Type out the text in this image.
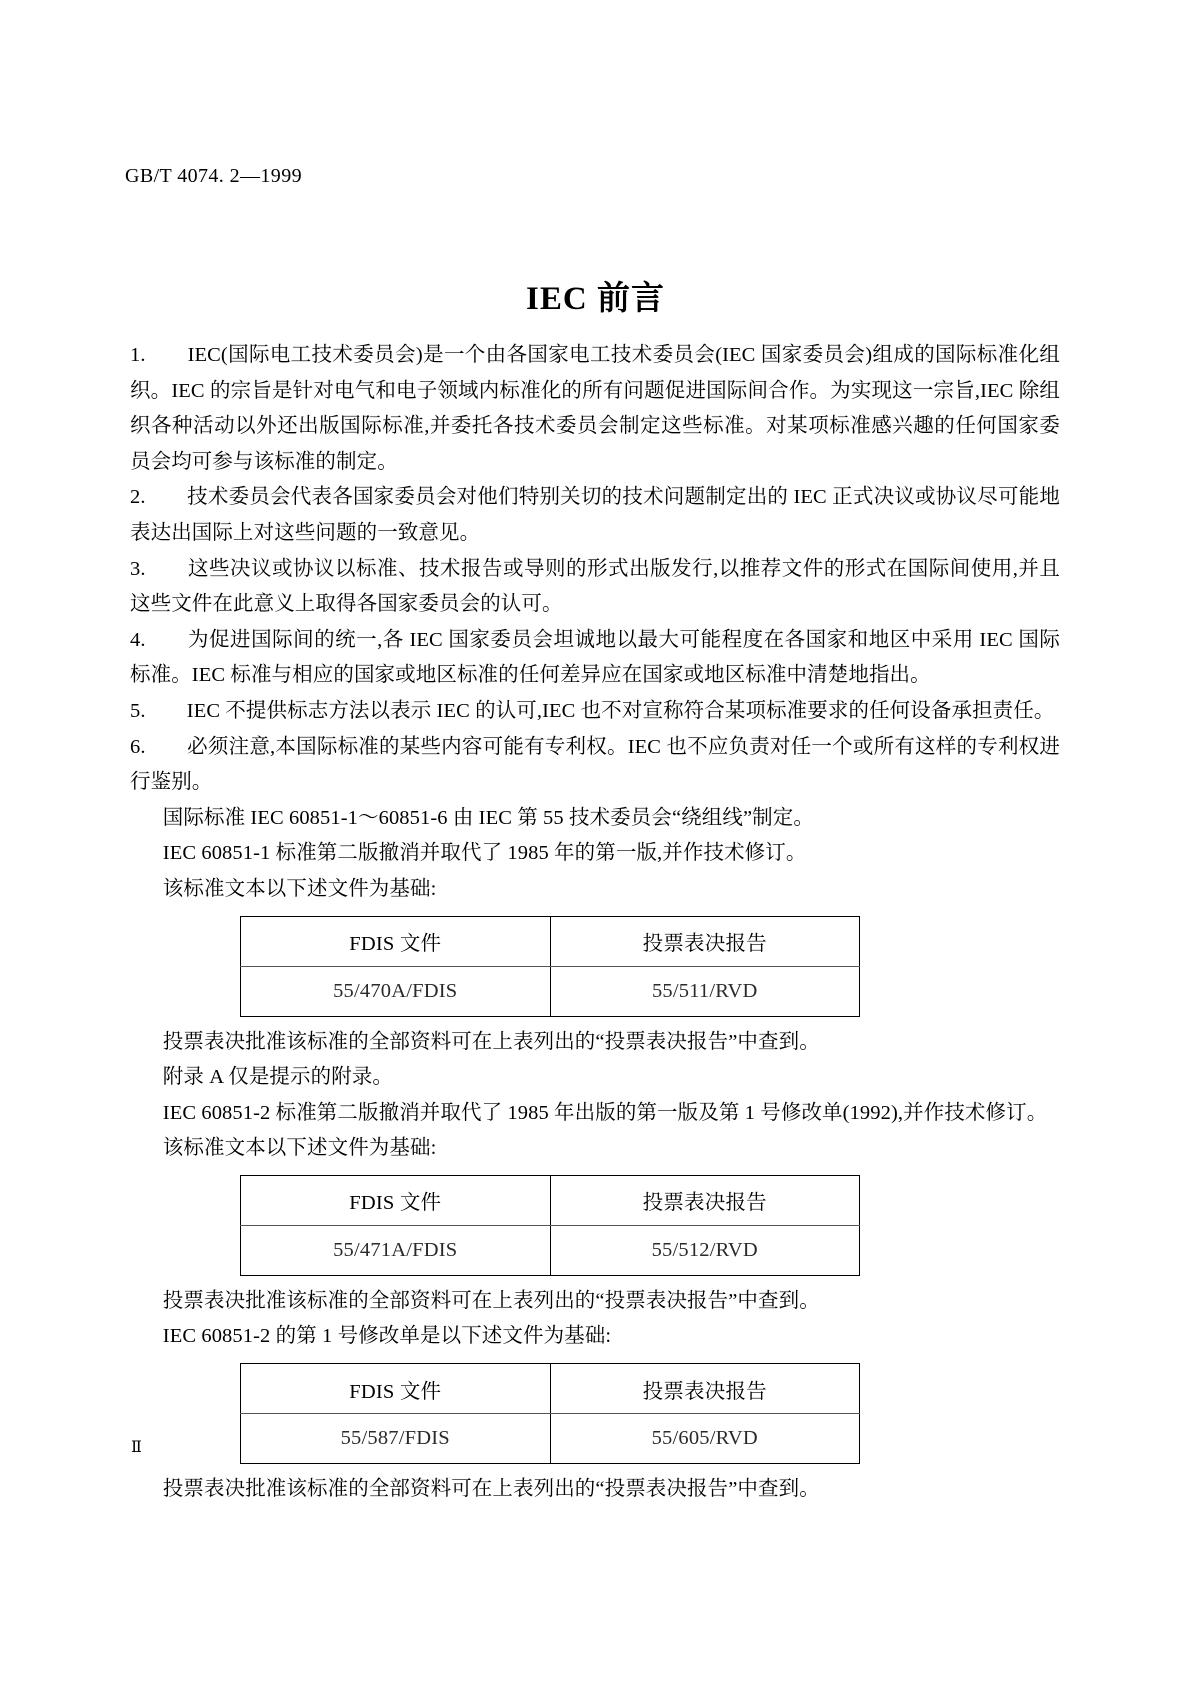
GB/T 4074. 2—1999
IEC 前言

1.　　IEC(国际电工技术委员会)是一个由各国家电工技术委员会(IEC 国家委员会)组成的国际标准化组织。IEC 的宗旨是针对电气和电子领域内标准化的所有问题促进国际间合作。为实现这一宗旨,IEC 除组织各种活动以外还出版国际标准,并委托各技术委员会制定这些标准。对某项标准感兴趣的任何国家委员会均可参与该标准的制定。

2.　　技术委员会代表各国家委员会对他们特别关切的技术问题制定出的 IEC 正式决议或协议尽可能地表达出国际上对这些问题的一致意见。

3.　　这些决议或协议以标准、技术报告或导则的形式出版发行,以推荐文件的形式在国际间使用,并且这些文件在此意义上取得各国家委员会的认可。

4.　　为促进国际间的统一,各 IEC 国家委员会坦诚地以最大可能程度在各国家和地区中采用 IEC 国际标准。IEC 标准与相应的国家或地区标准的任何差异应在国家或地区标准中清楚地指出。

5.　　IEC 不提供标志方法以表示 IEC 的认可,IEC 也不对宣称符合某项标准要求的任何设备承担责任。

6.　　必须注意,本国际标准的某些内容可能有专利权。IEC 也不应负责对任一个或所有这样的专利权进行鉴别。

国际标准 IEC 60851-1～60851-6 由 IEC 第 55 技术委员会“绕组线”制定。

IEC 60851-1 标准第二版撤消并取代了 1985 年的第一版,并作技术修订。

该标准文本以下述文件为基础:

FDIS 文件	投票表决报告
55/470A/FDIS	55/511/RVD

投票表决批准该标准的全部资料可在上表列出的“投票表决报告”中查到。

附录 A 仅是提示的附录。

IEC 60851-2 标准第二版撤消并取代了 1985 年出版的第一版及第 1 号修改单(1992),并作技术修订。

该标准文本以下述文件为基础:

FDIS 文件	投票表决报告
55/471A/FDIS	55/512/RVD

投票表决批准该标准的全部资料可在上表列出的“投票表决报告”中查到。

IEC 60851-2 的第 1 号修改单是以下述文件为基础:

FDIS 文件	投票表决报告
55/587/FDIS	55/605/RVD

投票表决批准该标准的全部资料可在上表列出的“投票表决报告”中查到。

Ⅱ
